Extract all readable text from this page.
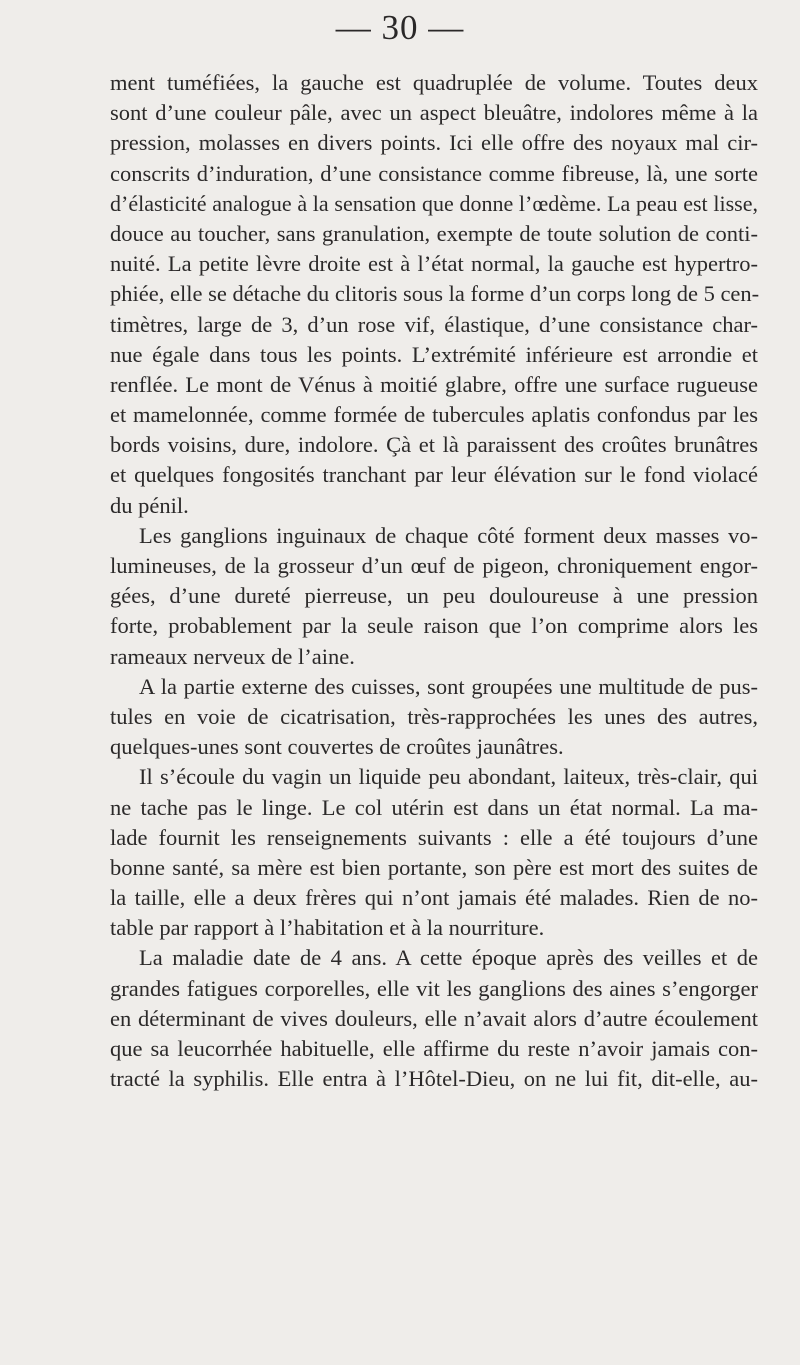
— 30 —
ment tuméfiées, la gauche est quadruplée de volume. Toutes deux
sont d’une couleur pâle, avec un aspect bleuâtre, indolores même à la
pression, molasses en divers points. Ici elle offre des noyaux mal cir-
conscrits d’induration, d’une consistance comme fibreuse, là, une sorte
d’élasticité analogue à la sensation que donne l’œdème. La peau est lisse,
douce au toucher, sans granulation, exempte de toute solution de conti-
nuité. La petite lèvre droite est à l’état normal, la gauche est hypertro-
phiée, elle se détache du clitoris sous la forme d’un corps long de 5 cen-
timètres, large de 3, d’un rose vif, élastique, d’une consistance char-
nue égale dans tous les points. L’extrémité inférieure est arrondie et
renflée. Le mont de Vénus à moitié glabre, offre une surface rugueuse
et mamelonnée, comme formée de tubercules aplatis confondus par les
bords voisins, dure, indolore. Çà et là paraissent des croûtes brunâtres
et quelques fongosités tranchant par leur élévation sur le fond violacé
du pénil.
Les ganglions inguinaux de chaque côté forment deux masses vo-
lumineuses, de la grosseur d’un œuf de pigeon, chroniquement engor-
gées, d’une dureté pierreuse, un peu douloureuse à une pression
forte, probablement par la seule raison que l’on comprime alors les
rameaux nerveux de l’aine.
A la partie externe des cuisses, sont groupées une multitude de pus-
tules en voie de cicatrisation, très-rapprochées les unes des autres,
quelques-unes sont couvertes de croûtes jaunâtres.
Il s’écoule du vagin un liquide peu abondant, laiteux, très-clair, qui
ne tache pas le linge. Le col utérin est dans un état normal. La ma-
lade fournit les renseignements suivants : elle a été toujours d’une
bonne santé, sa mère est bien portante, son père est mort des suites de
la taille, elle a deux frères qui n’ont jamais été malades. Rien de no-
table par rapport à l’habitation et à la nourriture.
La maladie date de 4 ans. A cette époque après des veilles et de
grandes fatigues corporelles, elle vit les ganglions des aines s’engorger
en déterminant de vives douleurs, elle n’avait alors d’autre écoulement
que sa leucorrhée habituelle, elle affirme du reste n’avoir jamais con-
tracté la syphilis. Elle entra à l’Hôtel-Dieu, on ne lui fit, dit-elle, au-
